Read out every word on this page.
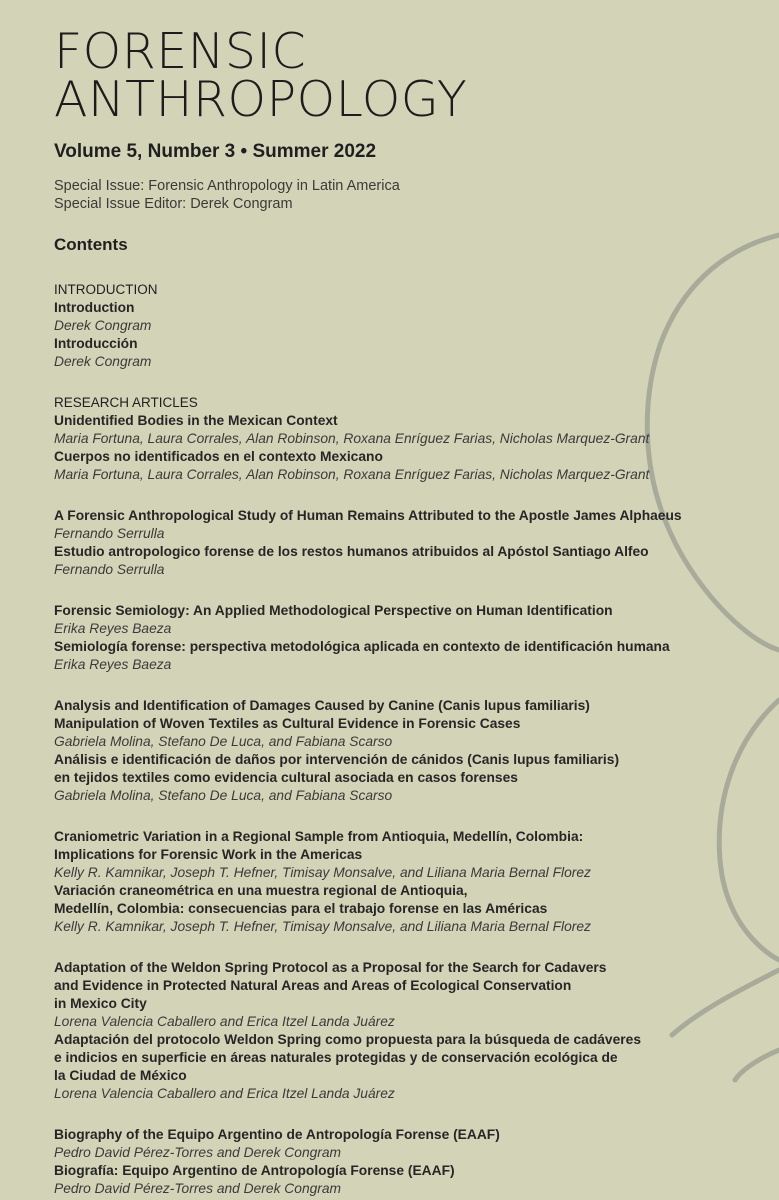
FORENSIC
ANTHROPOLOGY
Volume 5, Number 3 • Summer 2022
Special Issue: Forensic Anthropology in Latin America
Special Issue Editor: Derek Congram
Contents
INTRODUCTION
Introduction
Derek Congram
Introducción
Derek Congram
RESEARCH ARTICLES
Unidentified Bodies in the Mexican Context
Maria Fortuna, Laura Corrales, Alan Robinson, Roxana Enríguez Farias, Nicholas Marquez-Grant
Cuerpos no identificados en el contexto Mexicano
Maria Fortuna, Laura Corrales, Alan Robinson, Roxana Enríguez Farias, Nicholas Marquez-Grant
A Forensic Anthropological Study of Human Remains Attributed to the Apostle James Alphaeus
Fernando Serrulla
Estudio antropologico forense de los restos humanos atribuidos al Apóstol Santiago Alfeo
Fernando Serrulla
Forensic Semiology: An Applied Methodological Perspective on Human Identification
Erika Reyes Baeza
Semiología forense: perspectiva metodológica aplicada en contexto de identificación humana
Erika Reyes Baeza
Analysis and Identification of Damages Caused by Canine (Canis lupus familiaris)
Manipulation of Woven Textiles as Cultural Evidence in Forensic Cases
Gabriela Molina, Stefano De Luca, and Fabiana Scarso
Análisis e identificación de daños por intervención de cánidos (Canis lupus familiaris)
en tejidos textiles como evidencia cultural asociada en casos forenses
Gabriela Molina, Stefano De Luca, and Fabiana Scarso
Craniometric Variation in a Regional Sample from Antioquia, Medellín, Colombia:
Implications for Forensic Work in the Americas
Kelly R. Kamnikar, Joseph T. Hefner, Timisay Monsalve, and Liliana Maria Bernal Florez
Variación craneométrica en una muestra regional de Antioquia,
Medellín, Colombia: consecuencias para el trabajo forense en las Américas
Kelly R. Kamnikar, Joseph T. Hefner, Timisay Monsalve, and Liliana Maria Bernal Florez
Adaptation of the Weldon Spring Protocol as a Proposal for the Search for Cadavers
and Evidence in Protected Natural Areas and Areas of Ecological Conservation
in Mexico City
Lorena Valencia Caballero and Erica Itzel Landa Juárez
Adaptación del protocolo Weldon Spring como propuesta para la búsqueda de cadáveres
e indicios en superficie en áreas naturales protegidas y de conservación ecológica de
la Ciudad de México
Lorena Valencia Caballero and Erica Itzel Landa Juárez
Biography of the Equipo Argentino de Antropología Forense (EAAF)
Pedro David Pérez-Torres and Derek Congram
Biografía: Equipo Argentino de Antropología Forense (EAAF)
Pedro David Pérez-Torres and Derek Congram
